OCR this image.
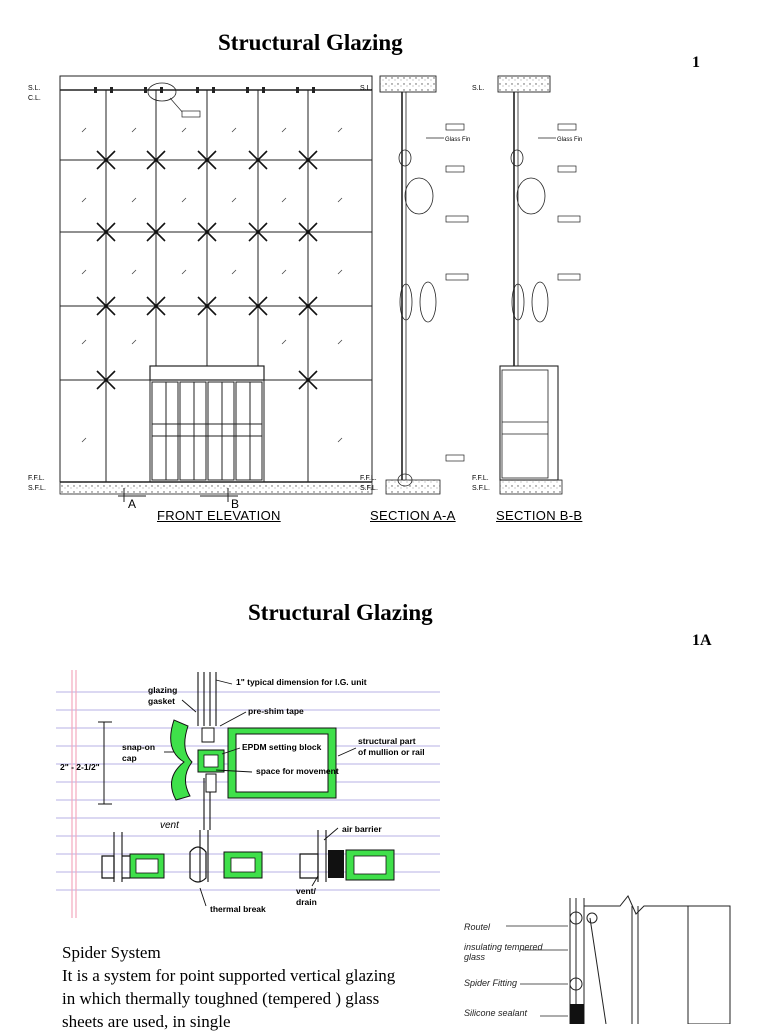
Structural Glazing
1
A	B
S.L.
C.L.
F.F.L.
S.F.L.
Glass Fin
S.L.
F.F.L.
S.F.L.
Glass Fin
S.L.
F.F.L.
S.F.L.
FRONT ELEVATION	SECTION A-A	SECTION B-B
Structural Glazing
1A
1" typical dimension for I.G. unit
glazing
gasket
pre-shim tape
snap-on
cap
EPDM setting block
structural part
of mullion or rail
2" - 2-1/2"	space for movement
air barrier
vent/
drain
thermal break
vent
Spider System
It is a system for point supported vertical glazing in which thermally toughned (tempered ) glass sheets are used, in single
Routel
insulating tempered
glass
Spider Fitting
Silicone sealant
